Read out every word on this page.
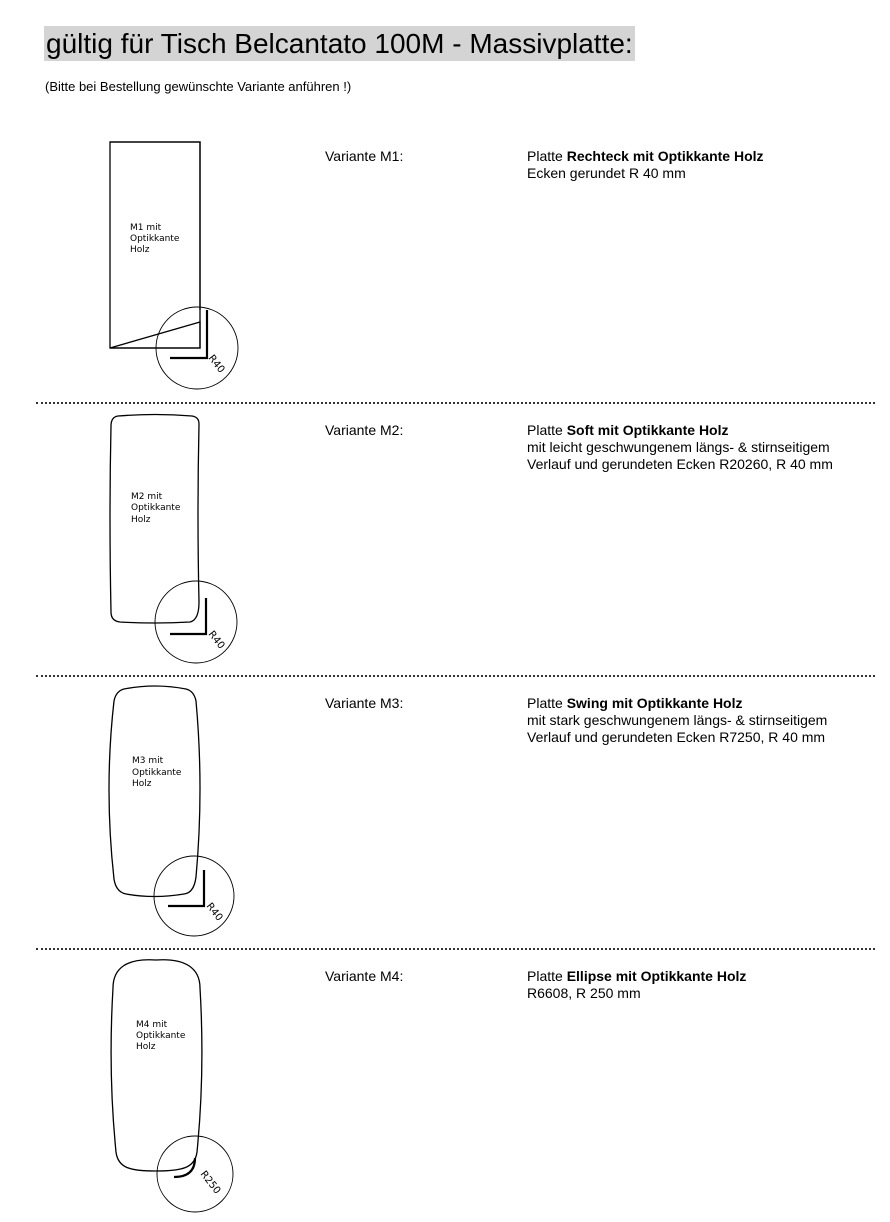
gültig für Tisch Belcantato 100M - Massivplatte:
(Bitte bei Bestellung gewünschte Variante anführen !)
M1 mit
Optikkante
Holz
R40
Variante M1:	Platte Rechteck mit Optikkante Holz
Ecken gerundet R 40 mm
M2 mit
Optikkante
Holz
R40
Variante M2:	Platte Soft mit Optikkante Holz
mit leicht geschwungenem längs- & stirnseitigem
Verlauf und gerundeten Ecken R20260, R 40 mm
M3 mit
Optikkante
Holz
R40
Variante M3:	Platte Swing mit Optikkante Holz
mit stark geschwungenem längs- & stirnseitigem
Verlauf und gerundeten Ecken R7250, R 40 mm
M4 mit
Optikkante
Holz
R250
Variante M4:	Platte Ellipse mit Optikkante Holz
R6608, R 250 mm
